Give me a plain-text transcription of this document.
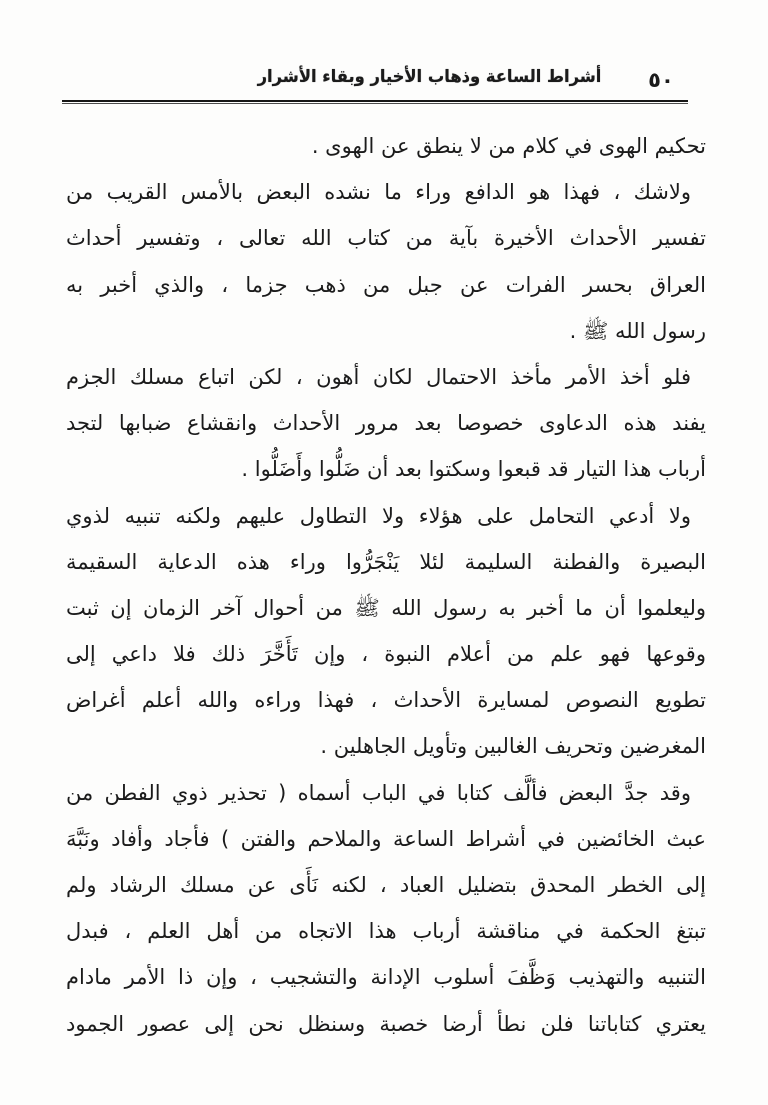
أشراط الساعة وذهاب الأخيار وبقاء الأشرار	٥٠
تحكيم الهوى في كلام من لا ينطق عن الهوى .
ولاشك ، فهذا هو الدافع وراء ما نشده البعض بالأمس القريب من
تفسير الأحداث الأخيرة بآية من كتاب الله تعالى ، وتفسير أحداث
العراق بحسر الفرات عن جبل من ذهب جزما ، والذي أخبر به
رسول الله ﷺ .
فلو أخذ الأمر مأخذ الاحتمال لكان أهون ، لكن اتباع مسلك الجزم
يفند هذه الدعاوى خصوصا بعد مرور الأحداث وانقشاع ضبابها لتجد
أرباب هذا التيار قد قبعوا وسكتوا بعد أن ضَلُّوا وأَضَلُّوا .
ولا أدعي التحامل على هؤلاء ولا التطاول عليهم ولكنه تنبيه لذوي
البصيرة والفطنة السليمة لئلا يَنْجَرُّوا وراء هذه الدعاية السقيمة
وليعلموا أن ما أخبر به رسول الله ﷺ من أحوال آخر الزمان إن ثبت
وقوعها فهو علم من أعلام النبوة ، وإن تَأَخَّرَ ذلك فلا داعي إلى
تطويع النصوص لمسايرة الأحداث ، فهذا وراءه والله أعلم أغراض
المغرضين وتحريف الغالبين وتأويل الجاهلين .
وقد جدَّ البعض فألَّف كتابا في الباب أسماه ( تحذير ذوي الفطن من
عبث الخائضين في أشراط الساعة والملاحم والفتن ) فأجاد وأفاد ونَبَّهَ
إلى الخطر المحدق بتضليل العباد ، لكنه نَأَى عن مسلك الرشاد ولم
تبتغ الحكمة في مناقشة أرباب هذا الاتجاه من أهل العلم ، فبدل
التنبيه والتهذيب وَظَّفَ أسلوب الإدانة والتشجيب ، وإن ذا الأمر مادام
يعتري كتاباتنا فلن نطأ أرضا خصبة وسنظل نحن إلى عصور الجمود
